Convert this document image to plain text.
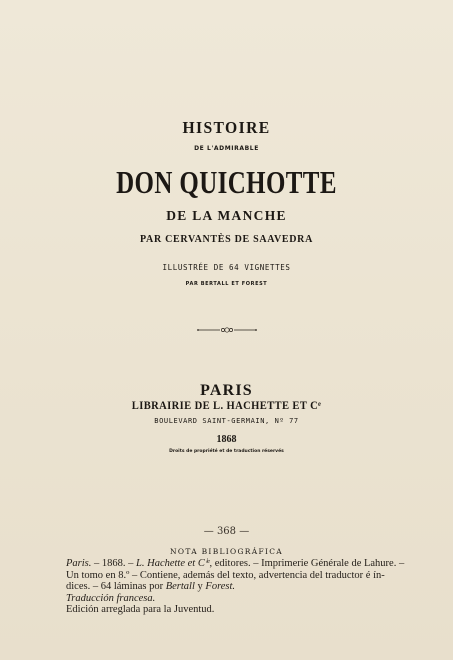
HISTOIRE
DE L'ADMIRABLE
DON QUICHOTTE
DE LA MANCHE
PAR CERVANTÈS DE SAAVEDRA
ILLUSTRÉE DE 64 VIGNETTES
PAR BERTALL ET FOREST
PARIS
LIBRAIRIE DE L. HACHETTE ET Cᵉ
BOULEVARD SAINT-GERMAIN, Nº 77
1868
Droits de propriété et de traduction réservés
— 368 —
NOTA BIBLIOGRÁFICA
Paris. – 1868. – L. Hachette et Cⁱᵉ, editores. – Imprimerie Générale de Lahure. –
Un tomo en 8.º – Contiene, además del texto, advertencia del traductor é ín-
dices. – 64 láminas por Bertall y Forest.
Traducción francesa.
Edición arreglada para la Juventud.
